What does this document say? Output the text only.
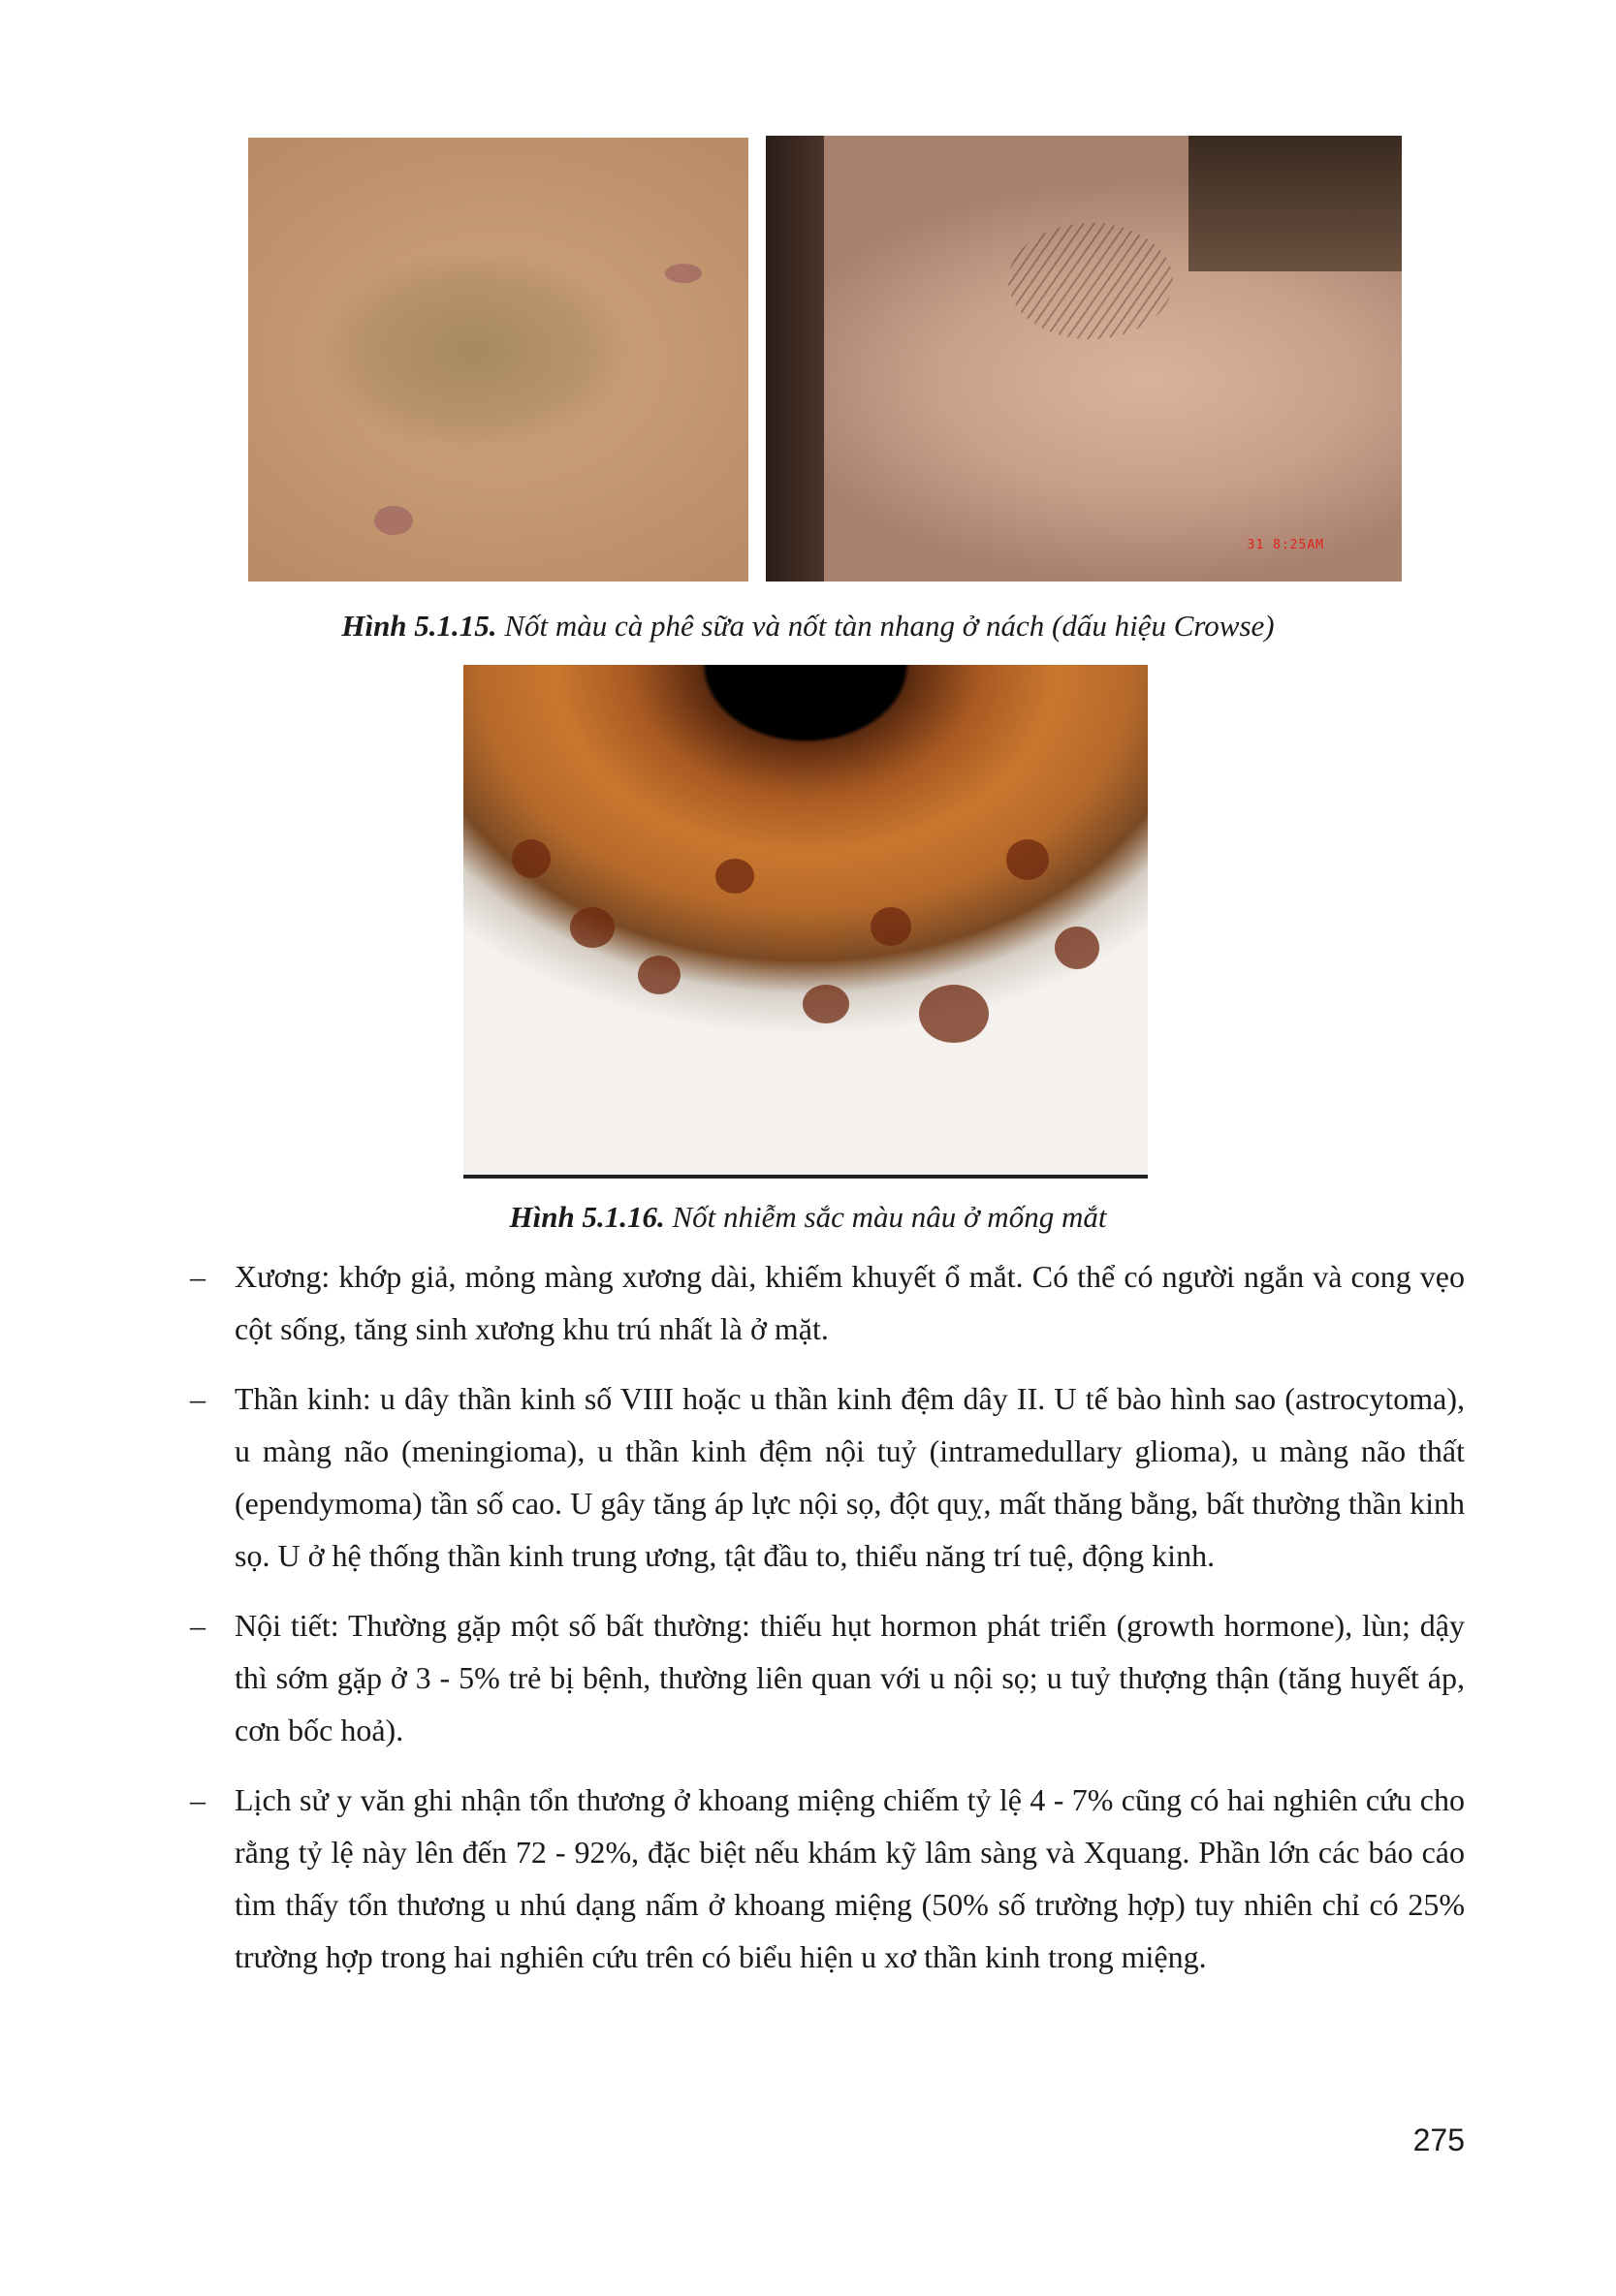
31 8:25AM
Hình 5.1.15. Nốt màu cà phê sữa và nốt tàn nhang ở nách (dấu hiệu Crowse)
Hình 5.1.16. Nốt nhiễm sắc màu nâu ở mống mắt
– Xương: khớp giả, mỏng màng xương dài, khiếm khuyết ổ mắt. Có thể có người ngắn và cong vẹo cột sống, tăng sinh xương khu trú nhất là ở mặt.
– Thần kinh: u dây thần kinh số VIII hoặc u thần kinh đệm dây II. U tế bào hình sao (astrocytoma), u màng não (meningioma), u thần kinh đệm nội tuỷ (intramedullary glioma), u màng não thất (ependymoma) tần số cao. U gây tăng áp lực nội sọ, đột quỵ, mất thăng bằng, bất thường thần kinh sọ. U ở hệ thống thần kinh trung ương, tật đầu to, thiểu năng trí tuệ, động kinh.
– Nội tiết: Thường gặp một số bất thường: thiếu hụt hormon phát triển (growth hormone), lùn; dậy thì sớm gặp ở 3 - 5% trẻ bị bệnh, thường liên quan với u nội sọ; u tuỷ thượng thận (tăng huyết áp, cơn bốc hoả).
– Lịch sử y văn ghi nhận tổn thương ở khoang miệng chiếm tỷ lệ 4 - 7% cũng có hai nghiên cứu cho rằng tỷ lệ này lên đến 72 - 92%, đặc biệt nếu khám kỹ lâm sàng và Xquang. Phần lớn các báo cáo tìm thấy tổn thương u nhú dạng nấm ở khoang miệng (50% số trường hợp) tuy nhiên chỉ có 25% trường hợp trong hai nghiên cứu trên có biểu hiện u xơ thần kinh trong miệng.
275
